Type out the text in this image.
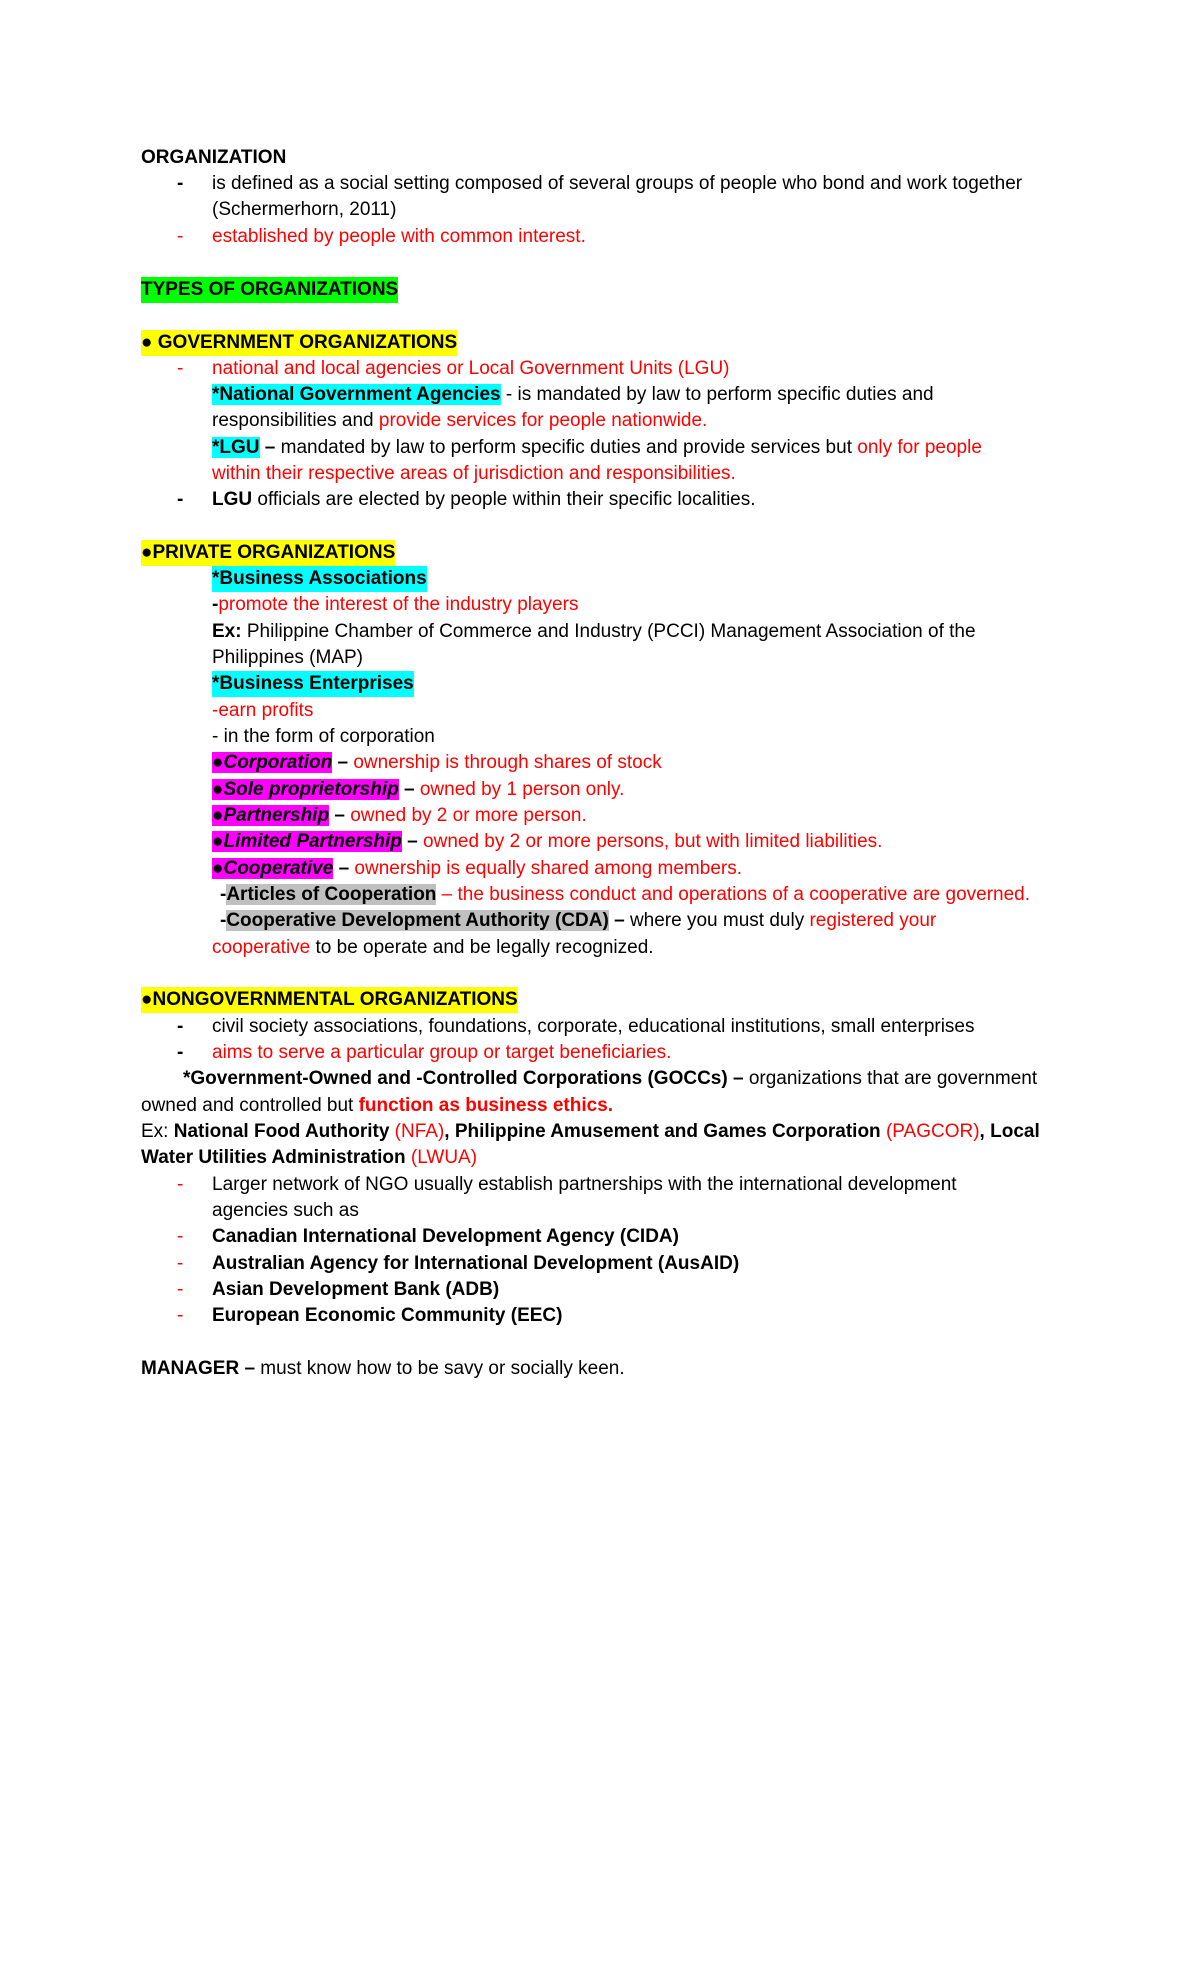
ORGANIZATION
- is defined as a social setting composed of several groups of people who bond and work together
(Schermerhorn, 2011)
- established by people with common interest.
TYPES OF ORGANIZATIONS
● GOVERNMENT ORGANIZATIONS
- national and local agencies or Local Government Units (LGU)
*National Government Agencies - is mandated by law to perform specific duties and
responsibilities and provide services for people nationwide.
*LGU – mandated by law to perform specific duties and provide services but only for people
within their respective areas of jurisdiction and responsibilities.
- LGU officials are elected by people within their specific localities.
●PRIVATE ORGANIZATIONS
*Business Associations
-promote the interest of the industry players
Ex: Philippine Chamber of Commerce and Industry (PCCI) Management Association of the
Philippines (MAP)
*Business Enterprises
-earn profits
- in the form of corporation
●Corporation – ownership is through shares of stock
●Sole proprietorship – owned by 1 person only.
●Partnership – owned by 2 or more person.
●Limited Partnership – owned by 2 or more persons, but with limited liabilities.
●Cooperative – ownership is equally shared among members.
-Articles of Cooperation – the business conduct and operations of a cooperative are governed.
-Cooperative Development Authority (CDA) – where you must duly registered your
cooperative to be operate and be legally recognized.
●NONGOVERNMENTAL ORGANIZATIONS
- civil society associations, foundations, corporate, educational institutions, small enterprises
- aims to serve a particular group or target beneficiaries.
*Government-Owned and -Controlled Corporations (GOCCs) – organizations that are government
owned and controlled but function as business ethics.
Ex: National Food Authority (NFA), Philippine Amusement and Games Corporation (PAGCOR), Local
Water Utilities Administration (LWUA)
- Larger network of NGO usually establish partnerships with the international development
agencies such as
- Canadian International Development Agency (CIDA)
- Australian Agency for International Development (AusAID)
- Asian Development Bank (ADB)
- European Economic Community (EEC)
MANAGER – must know how to be savy or socially keen.
